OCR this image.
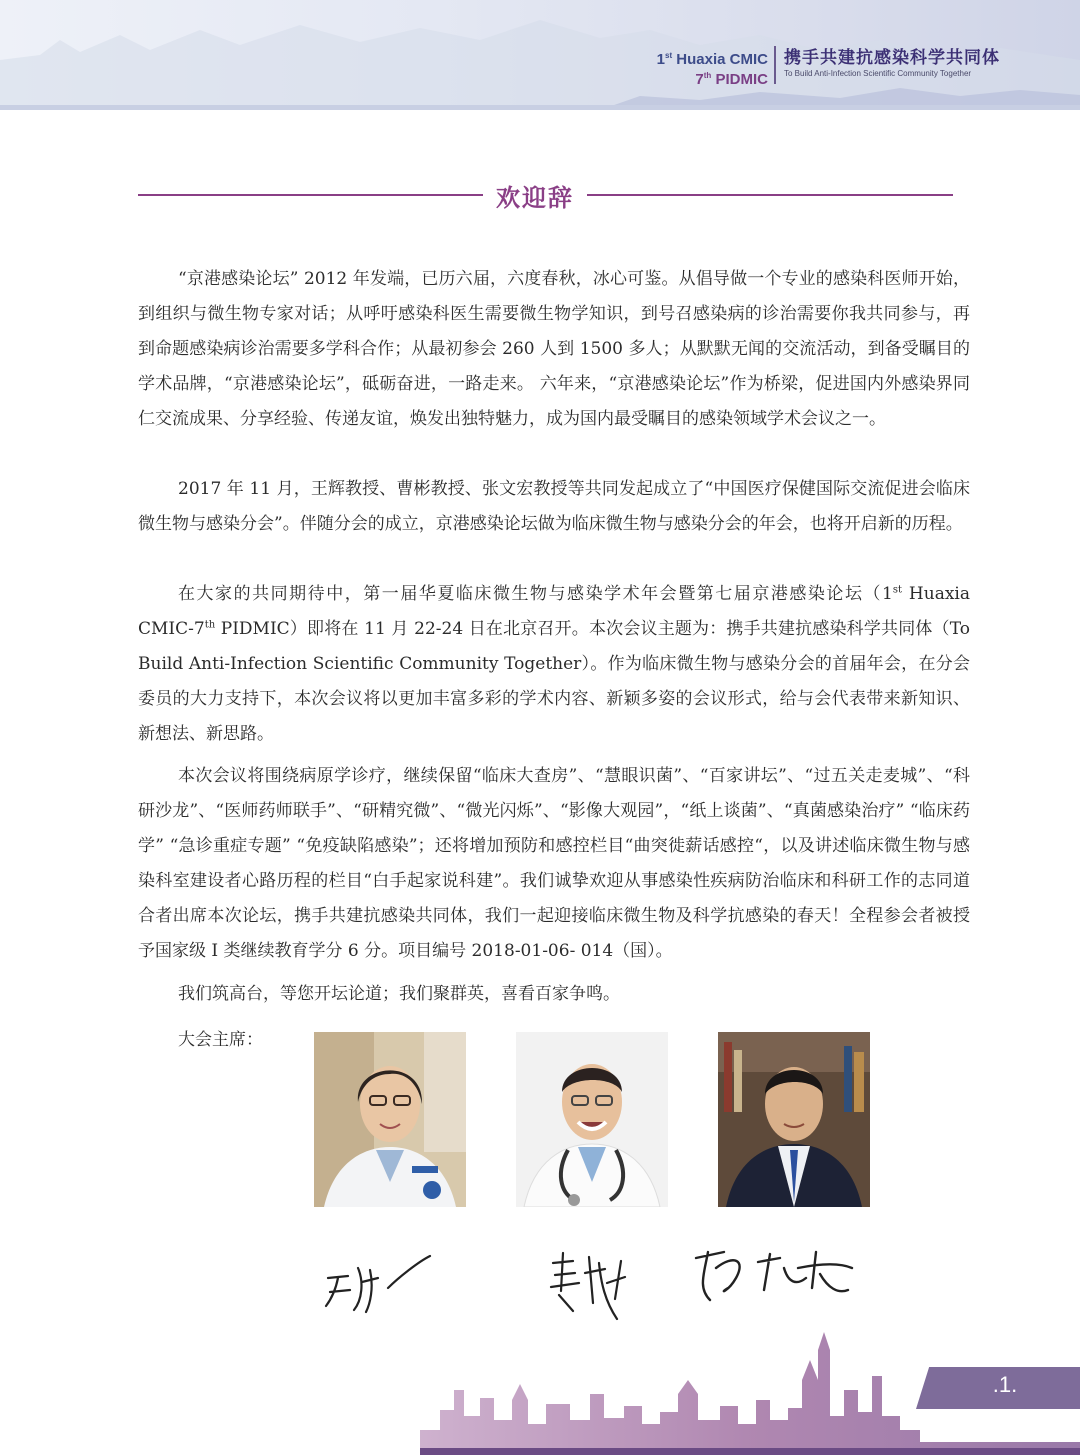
1st Huaxia CMIC
7th PIDMIC
携手共建抗感染科学共同体
To Build Anti-Infection Scientific Community Together
欢迎辞

“京港感染论坛” 2012 年发端，已历六届，六度春秋，冰心可鉴。从倡导做一个专业的感染科医师开始，到组织与微生物专家对话；从呼吁感染科医生需要微生物学知识，到号召感染病的诊治需要你我共同参与，再到命题感染病诊治需要多学科合作；从最初参会 260 人到 1500 多人；从默默无闻的交流活动，到备受瞩目的学术品牌，“京港感染论坛”，砥砺奋进，一路走来。 六年来，“京港感染论坛”作为桥梁，促进国内外感染界同仁交流成果、分享经验、传递友谊，焕发出独特魅力，成为国内最受瞩目的感染领域学术会议之一。

2017 年 11 月，王辉教授、曹彬教授、张文宏教授等共同发起成立了“中国医疗保健国际交流促进会临床微生物与感染分会”。伴随分会的成立，京港感染论坛做为临床微生物与感染分会的年会，也将开启新的历程。

在大家的共同期待中，第一届华夏临床微生物与感染学术年会暨第七届京港感染论坛（1st Huaxia CMIC-7th PIDMIC）即将在 11 月 22-24 日在北京召开。本次会议主题为：携手共建抗感染科学共同体（To Build Anti-Infection Scientific Community Together）。作为临床微生物与感染分会的首届年会，在分会委员的大力支持下，本次会议将以更加丰富多彩的学术内容、新颖多姿的会议形式，给与会代表带来新知识、新想法、新思路。

本次会议将围绕病原学诊疗，继续保留“临床大查房”、“慧眼识菌”、“百家讲坛”、“过五关走麦城”、“科研沙龙”、“医师药师联手”、“研精究微”、“微光闪烁”、“影像大观园”，“纸上谈菌”、“真菌感染治疗” “临床药学” “急诊重症专题” “免疫缺陷感染”；还将增加预防和感控栏目“曲突徙薪话感控“，以及讲述临床微生物与感染科室建设者心路历程的栏目“白手起家说科建”。我们诚挚欢迎从事感染性疾病防治临床和科研工作的志同道合者出席本次论坛，携手共建抗感染共同体，我们一起迎接临床微生物及科学抗感染的春天！全程参会者被授予国家级 I 类继续教育学分 6 分。项目编号 2018-01-06- 014（国）。

我们筑高台，等您开坛论道；我们聚群英，喜看百家争鸣。

大会主席：
.1.
